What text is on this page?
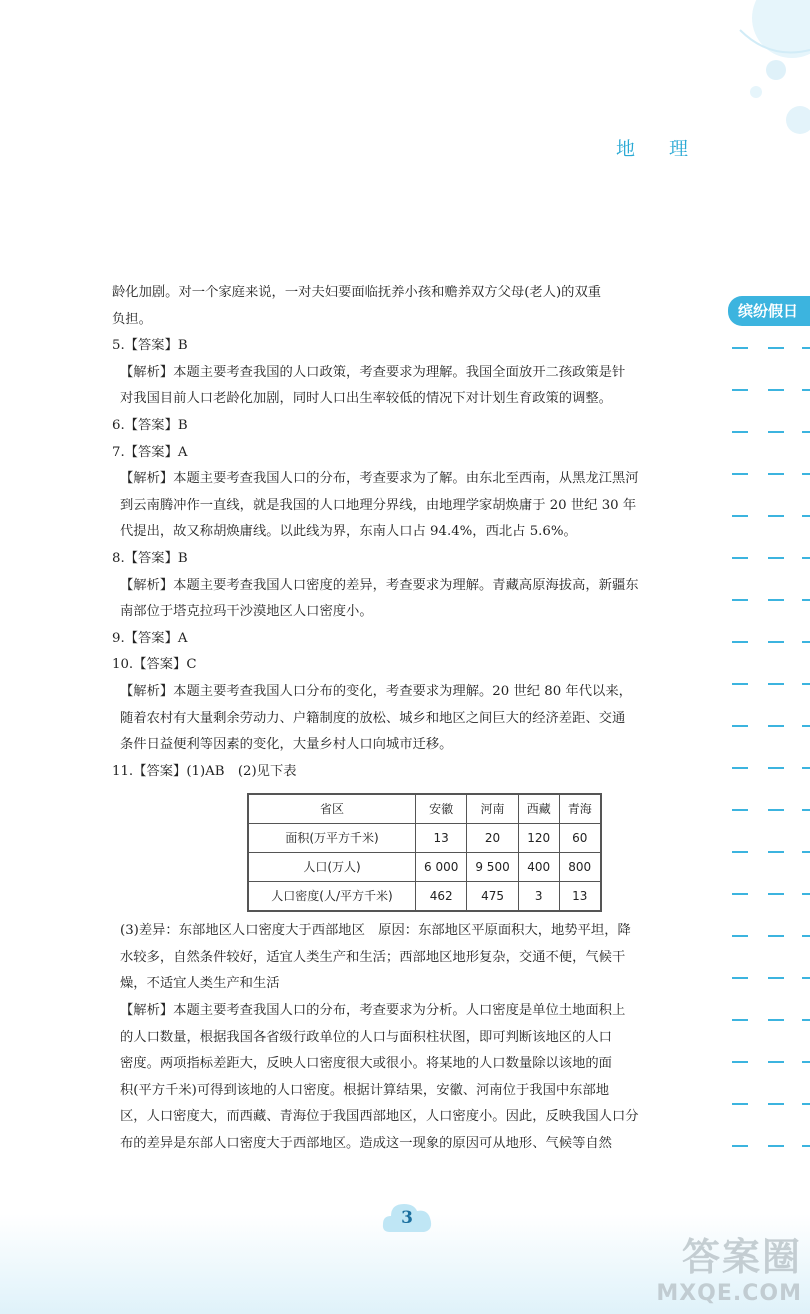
地 理
缤纷假日

龄化加剧。对一个家庭来说，一对夫妇要面临抚养小孩和赡养双方父母(老人)的双重

负担。

5.【答案】B

【解析】本题主要考查我国的人口政策，考查要求为理解。我国全面放开二孩政策是针

对我国目前人口老龄化加剧，同时人口出生率较低的情况下对计划生育政策的调整。

6.【答案】B

7.【答案】A

【解析】本题主要考查我国人口的分布，考查要求为了解。由东北至西南，从黑龙江黑河

到云南腾冲作一直线，就是我国的人口地理分界线，由地理学家胡焕庸于 20 世纪 30 年

代提出，故又称胡焕庸线。以此线为界，东南人口占 94.4%，西北占 5.6%。

8.【答案】B

【解析】本题主要考查我国人口密度的差异，考查要求为理解。青藏高原海拔高，新疆东

南部位于塔克拉玛干沙漠地区人口密度小。

9.【答案】A

10.【答案】C

【解析】本题主要考查我国人口分布的变化，考查要求为理解。20 世纪 80 年代以来，

随着农村有大量剩余劳动力、户籍制度的放松、城乡和地区之间巨大的经济差距、交通

条件日益便利等因素的变化，大量乡村人口向城市迁移。

11.【答案】(1)AB　(2)见下表

省区	安徽	河南	西藏	青海
面积(万平方千米)	13	20	120	60
人口(万人)	6 000	9 500	400	800
人口密度(人/平方千米)	462	475	3	13

(3)差异：东部地区人口密度大于西部地区　原因：东部地区平原面积大，地势平坦，降

水较多，自然条件较好，适宜人类生产和生活；西部地区地形复杂，交通不便，气候干

燥，不适宜人类生产和生活

【解析】本题主要考查我国人口的分布，考查要求为分析。人口密度是单位土地面积上

的人口数量，根据我国各省级行政单位的人口与面积柱状图，即可判断该地区的人口

密度。两项指标差距大，反映人口密度很大或很小。将某地的人口数量除以该地的面

积(平方千米)可得到该地的人口密度。根据计算结果，安徽、河南位于我国中东部地

区，人口密度大，而西藏、青海位于我国西部地区，人口密度小。因此，反映我国人口分

布的差异是东部人口密度大于西部地区。造成这一现象的原因可从地形、气候等自然

3
答案圈
MXQE.COM
